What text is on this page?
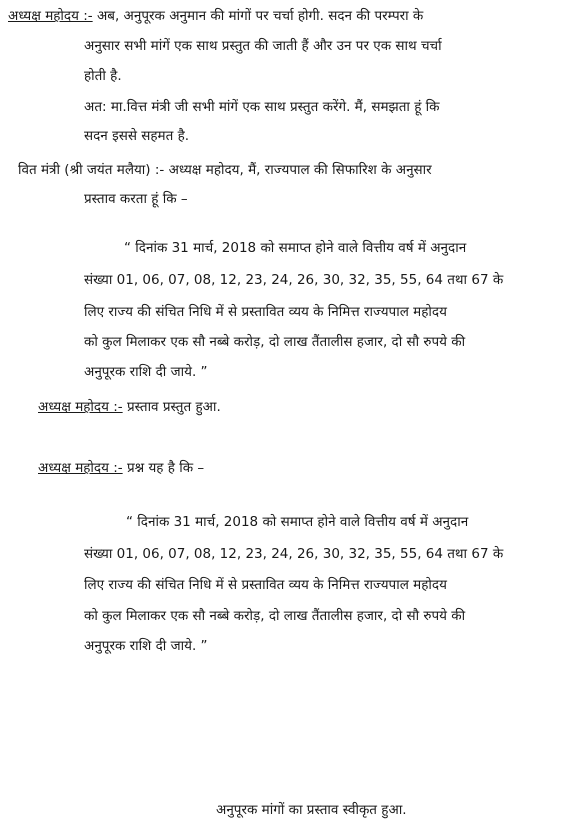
अध्यक्ष महोदय :- अब, अनुपूरक अनुमान की मांगों पर चर्चा होगी. सदन की परम्परा के
अनुसार सभी मांगें एक साथ प्रस्तुत की जाती हैं और उन पर एक साथ चर्चा
होती है.
अत: मा.वित्त मंत्री जी सभी मांगें एक साथ प्रस्तुत करेंगे. मैं, समझता हूं कि
सदन इससे सहमत है.
वित मंत्री (श्री जयंत मलैया) :- अध्यक्ष महोदय, मैं, राज्यपाल की सिफारिश के अनुसार
प्रस्ताव करता हूं कि –
“ दिनांक 31 मार्च, 2018 को समाप्त होने वाले वित्तीय वर्ष में अनुदान
संख्या 01, 06, 07, 08, 12, 23, 24, 26, 30, 32, 35, 55, 64 तथा 67 के
लिए राज्य की संचित निधि में से प्रस्तावित व्यय के निमित्त राज्यपाल महोदय
को कुल मिलाकर एक सौ नब्बे करोड़, दो लाख तैंतालीस हजार, दो सौ रुपये की
अनुपूरक राशि दी जाये. ”
अध्यक्ष महोदय :- प्रस्ताव प्रस्तुत हुआ.
अध्यक्ष महोदय :- प्रश्न यह है कि –
“ दिनांक 31 मार्च, 2018 को समाप्त होने वाले वित्तीय वर्ष में अनुदान
संख्या 01, 06, 07, 08, 12, 23, 24, 26, 30, 32, 35, 55, 64 तथा 67 के
लिए राज्य की संचित निधि में से प्रस्तावित व्यय के निमित्त राज्यपाल महोदय
को कुल मिलाकर एक सौ नब्बे करोड़, दो लाख तैंतालीस हजार, दो सौ रुपये की
अनुपूरक राशि दी जाये. ”
अनुपूरक मांगों का प्रस्ताव स्वीकृत हुआ.
